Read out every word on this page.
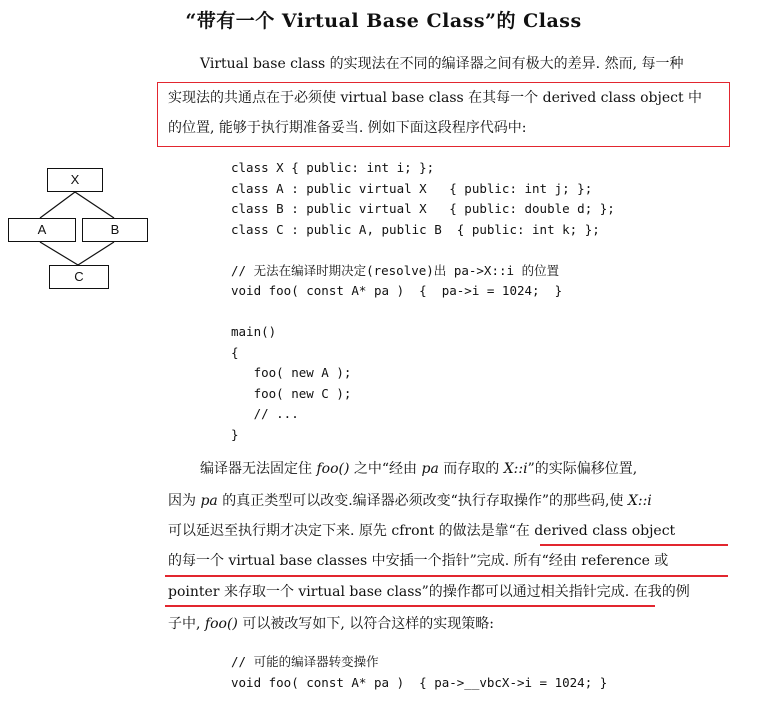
“带有一个 Virtual Base Class”的 Class
Virtual base class 的实现法在不同的编译器之间有极大的差异. 然而, 每一种
实现法的共通点在于必须使 virtual base class 在其每一个 derived class object 中
的位置, 能够于执行期准备妥当. 例如下面这段程序代码中:
X
A	B
C
class X { public: int i; };
class A : public virtual X   { public: int j; };
class B : public virtual X   { public: double d; };
class C : public A, public B  { public: int k; };

// 无法在编译时期决定(resolve)出 pa->X::i 的位置
void foo( const A* pa )  {  pa->i = 1024;  }

main()
{
foo( new A );
foo( new C );
// ...
}
编译器无法固定住 foo() 之中“经由 pa 而存取的 X::i”的实际偏移位置,
因为 pa 的真正类型可以改变.编译器必须改变“执行存取操作”的那些码,使 X::i
可以延迟至执行期才决定下来. 原先 cfront 的做法是靠“在 derived class object
的每一个 virtual base classes 中安插一个指针”完成. 所有“经由 reference 或
pointer 来存取一个 virtual base class”的操作都可以通过相关指针完成. 在我的例
子中, foo() 可以被改写如下, 以符合这样的实现策略:
// 可能的编译器转变操作
void foo( const A* pa )  { pa->__vbcX->i = 1024; }
